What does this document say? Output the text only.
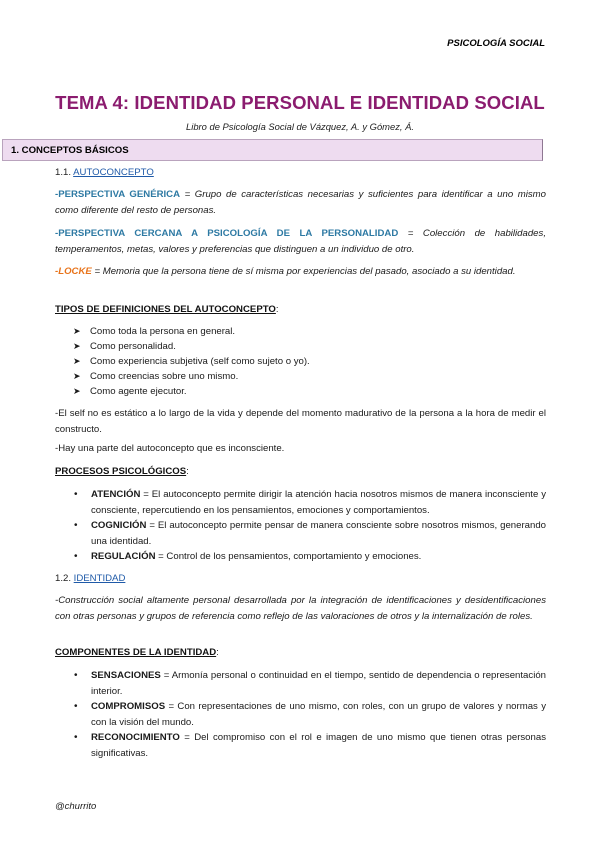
PSICOLOGÍA SOCIAL
TEMA 4: IDENTIDAD PERSONAL E IDENTIDAD SOCIAL
Libro de Psicología Social de Vázquez, A. y Gómez, Á.
1. CONCEPTOS BÁSICOS
1.1. AUTOCONCEPTO
-PERSPECTIVA GENÉRICA = Grupo de características necesarias y suficientes para identificar a uno mismo como diferente del resto de personas.
-PERSPECTIVA CERCANA A PSICOLOGÍA DE LA PERSONALIDAD = Colección de habilidades, temperamentos, metas, valores y preferencias que distinguen a un individuo de otro.
-LOCKE = Memoria que la persona tiene de sí misma por experiencias del pasado, asociado a su identidad.
TIPOS DE DEFINICIONES DEL AUTOCONCEPTO:
➤ Como toda la persona en general.
➤ Como personalidad.
➤ Como experiencia subjetiva (self como sujeto o yo).
➤ Como creencias sobre uno mismo.
➤ Como agente ejecutor.
-El self no es estático a lo largo de la vida y depende del momento madurativo de la persona a la hora de medir el constructo.
-Hay una parte del autoconcepto que es inconsciente.
PROCESOS PSICOLÓGICOS:
• ATENCIÓN = El autoconcepto permite dirigir la atención hacia nosotros mismos de manera inconsciente y consciente, repercutiendo en los pensamientos, emociones y comportamientos.
• COGNICIÓN = El autoconcepto permite pensar de manera consciente sobre nosotros mismos, generando una identidad.
• REGULACIÓN = Control de los pensamientos, comportamiento y emociones.
1.2. IDENTIDAD
-Construcción social altamente personal desarrollada por la integración de identificaciones y desidentificaciones con otras personas y grupos de referencia como reflejo de las valoraciones de otros y la internalización de roles.
COMPONENTES DE LA IDENTIDAD:
• SENSACIONES = Armonía personal o continuidad en el tiempo, sentido de dependencia o representación interior.
• COMPROMISOS = Con representaciones de uno mismo, con roles, con un grupo de valores y normas y con la visión del mundo.
• RECONOCIMIENTO = Del compromiso con el rol e imagen de uno mismo que tienen otras personas significativas.
@churrito
